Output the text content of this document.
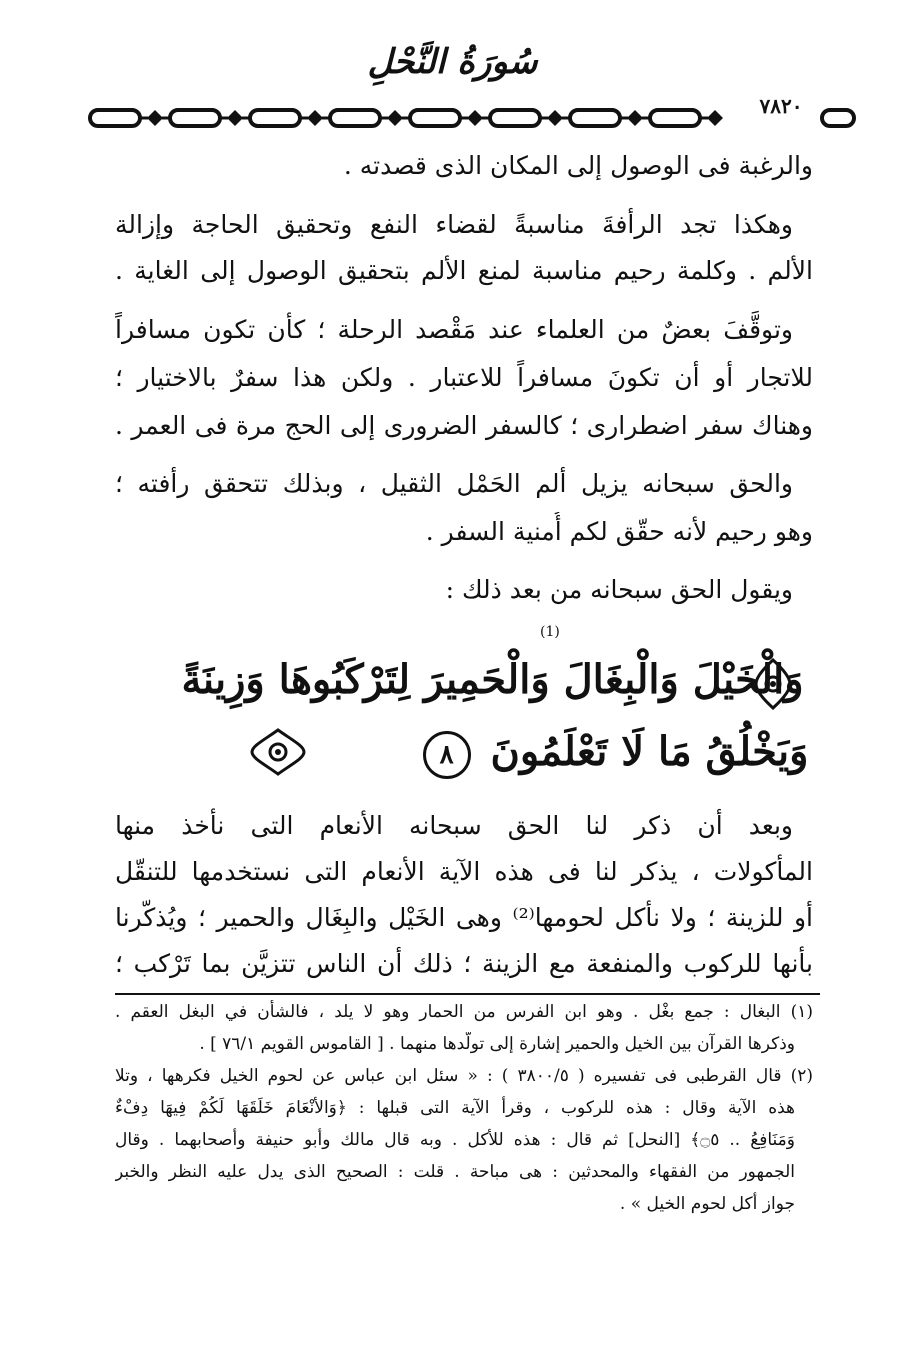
سُورَةُ النَّحْلِ
٧٨٢٠
والرغبة فى الوصول إلى المكان الذى قصدته .
وهكذا تجد الرأفةَ مناسبةً لقضاء النفع وتحقيق الحاجة وإزالة
الألم . وكلمة رحيم مناسبة لمنع الألم بتحقيق الوصول إلى الغاية .
وتوقَّفَ بعضٌ من العلماء عند مَقْصد الرحلة ؛ كأن تكون مسافراً
للاتجار أو أن تكونَ مسافراً للاعتبار . ولكن هذا سفرٌ بالاختيار ؛
وهناك سفر اضطرارى ؛ كالسفر الضرورى إلى الحج مرة فى العمر .
والحق سبحانه يزيل ألم الحَمْل الثقيل ، وبذلك تتحقق رأفته ؛
وهو رحيم لأنه حقّق لكم أُمنية السفر .
ويقول الحق سبحانه من بعد ذلك :
(1)
وَالْخَيْلَ وَالْبِغَالَ وَالْحَمِيرَ لِتَرْكَبُوهَا وَزِينَةً
وَيَخْلُقُ مَا لَا تَعْلَمُونَ ٨
وبعد أن ذكر لنا الحق سبحانه الأنعام التى نأخذ منها
المأكولات ، يذكر لنا فى هذه الآية الأنعام التى نستخدمها للتنقّل
أو للزينة ؛ ولا نأكل لحومها⁽²⁾ وهى الخَيْل والبِغَال والحمير ؛ ويُذكّرنا
بأنها للركوب والمنفعة مع الزينة ؛ ذلك أن الناس تتزيَّن بما تَرْكب ؛
(١) البغال : جمع بغْل . وهو ابن الفرس من الحمار وهو لا يلد ، فالشأن في البغل العقم .
وذكرها القرآن بين الخيل والحمير إشارة إلى تولُّدها منهما . [ القاموس القويم ٧٦/١ ] .
(٢) قال القرطبى فى تفسيره ( ٣٨٠٠/٥ ) : « سئل ابن عباس عن لحوم الخيل فكرهها ، وتلا
هذه الآية وقال : هذه للركوب ، وقرأ الآية التى قبلها : ﴿وَالأَنْعَامَ خَلَقَهَا لَكُمْ فِيهَا دِفْءٌ
وَمَنَافِعُ .. ۝٥﴾ [النحل] ثم قال : هذه للأكل . وبه قال مالك وأبو حنيفة وأصحابهما . وقال
الجمهور من الفقهاء والمحدثين : هى مباحة . قلت : الصحيح الذى يدل عليه النظر والخبر
جواز أكل لحوم الخيل » .
